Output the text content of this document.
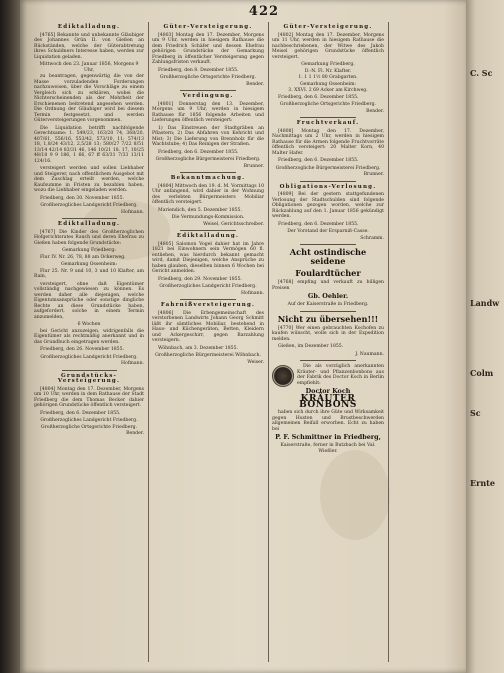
422
Ediktalladung.
[4765] Bekannte und unbekannte Gläubiger des Johannes Grün II. von Gießen an Rückständen, welche der Güterabtretung ihres Schuldners Interesse haben, werden zur Liquidation geladen.
Mittwoch den 23. Januar 1856, Morgens 9 Uhr,
zu beantragen, gegenwärtig die von der Masse vorzuladenden Forderungen nachzuweisen, über die Vorschläge zu einem Vergleich sich zu erklären, wobei die Nichterscheinenden als der Mehrheit der Erschienenen beitretend angesehen werden. Die Ordnung der Gläubiger wird bei diesem Termin festgesetzt, und werden Güterversteigerungen vorgenommen.
Die Liquidation betrifft nachfolgende Gerechtsame: 1. 549/23, 163/20 74, 368/20, 407/61, 556/16, 553/42, 573/10, 11; 574/13 18, 1,8/24 43/12, 2,5/28 13; 580/27 7/22 8/51 13/14 42/14 83/31 46, 146 10/21 18. 17, 10/25 48/18 9 9 186, 1 66, 67 ff 63/31 7/33 13/11 124/16.
versteigert werden und sollen Liebhaber und Steigerer, nach offentlichem Ausgebot mit dem Zuschlag erteilt werden, welche Kaufsumme in Fristen zu bezahlen haben, wozu die Liebhaber eingeladen werden.
Friedberg, den 30. November 1855.
Großherzogliches Landgericht Friedberg.
Hofmann.
Ediktalladung.
[4767] Die Kinder des Großherzoglichen Hofgerichtsrates Rauch und deren Ehefrau zu Gießen haben folgende Grundstücke:
Gemarkung Friedberg:
Flur IV. Nr. 26, 78, 88 am Ockerweg.
Gemarkung Ossenheim:
Flur 25. Nr. 9 und 10, 3 und 10 Klafter, am Rain,
versteigert, ohne daß Eigentümer vollständig nachgewiesen zu können. Es werden daher alle diejenigen, welche Eigentumsansprüche oder sonstige dingliche Rechte an diese Grundstücke haben, aufgefordert, solche in einem Termin anzumelden,
6 Wochen
bei Gericht anzuzeigen, widrigenfalls die Eigentümer als rechtmäßig anerkannt und in das Grundbuch eingetragen werden.
Friedberg, den 26. November 1855.
Großherzogliches Landgericht Friedberg.
Hofmann.
Grundstücks-Versteigerung.
[4804] Montag den 17. Dezember, Morgens um 10 Uhr, werden in dem Rathause der Stadt Friedberg die dem Thomas Becker dahier gehörigen Grundstücke öffentlich versteigert.
Friedberg, den 6. Dezember 1855.
Großherzogliches Landgericht Friedberg.
Großherzogliche Ortsgerichte Friedberg.
Bender.
Güter-Versteigerung.
[4803] Montag den 17. Dezember, Morgens um 9 Uhr, werden in hiesigem Rathause die dem Friedrich Schäfer und dessen Ehefrau gehörigen Grundstücke der Gemarkung Friedberg in öffentlicher Versteigerung gegen Zahlungsfristen verkauft.
Friedberg, den 8. Dezember 1855.
Großherzogliche Ortsgerichte Friedberg.
Bender.
Verdingung.
[4801] Donnerstag den 13. Dezember, Morgens um 9 Uhr, werden in hiesigem Rathause für 1856 folgende Arbeiten und Lieferungen öffentlich versteigert:
1) Das Einstreuen der Stadtgräben an Pflastern; 2) Das Abfahren von Kehricht und Mist; 3) Die Lieferung von Brennholz für die Wachtstube; 4) Das Reinigen der Straßen.
Friedberg, den 6. Dezember 1855.
Großherzogliche Bürgermeisterei Friedberg.
Brunner.
Bekanntmachung.
[4804] Mittwoch den 19. d. M. Vormittags 10 Uhr anfangend, wird dahier in der Wohnung des verlebten Bürgermeisters Mobiliar öffentlich versteigert.
Mariendich, den 5. Dezember 1855.
Die Vermundungs-Kommission.
Weisel, Gerichtsschreiber.
Ediktalladung.
[4805] Salomon Vogel dahier hat im Jahre 1821 bei Einwohnern sein Vermögen 60 fl. entliehen, was hierdurch bekannt gemacht wird, damit Diejenigen, welche Ansprüche zu haben glauben, dieselben binnen 6 Wochen bei Gericht anmelden.
Friedberg, den 29. November 1855.
Großherzogliches Landgericht Friedberg.
Hofmann.
Fahrnißversteigerung.
[4806] Die Erbengemeinschaft des verstorbenen Landwirts Johann Georg Schmitt läßt ihr sämtliches Mobiliar, bestehend in Haus- und Küchengeräten, Betten, Kleidern und Ackergeschirr, gegen Barzahlung versteigern.
Wöhnbach, am 3. Dezember 1855.
Großherzogliche Bürgermeisterei Wöhnbach.
Weiser.
Güter-Versteigerung.
[4802] Montag den 17. Dezember, Morgens um 11 Uhr, werden in hiesigem Rathause die nachbeschriebenen, der Witwe des Jakob Meisel gehörigen Grundstücke öffentlich versteigert.
Gemarkung Friedberg.
D.-N. Fl. Nr. Klafter.
1. 1 1 1½ 80 Grabgarten.
Gemarkung Ossenheim:
3. XXVI. 2 69 Acker am Kirchweg.
Friedberg, den 6. Dezember 1855.
Großherzogliche Ortsgerichte Friedberg.
Bender.
Fruchtverkauf.
[4808] Montag den 17. Dezember, Nachmittags um 2 Uhr, werden in hiesigem Rathause für die Armen folgende Fruchtvorräte öffentlich versteigert: 20 Malter Korn, 40 Malter Hafer.
Friedberg, den 6. Dezember 1855.
Großherzogliche Bürgermeisterei Friedberg.
Brunner.
Obligations-Verlosung.
[4809] Bei der gestern stattgefundenen Verlosung der Stadtschulden sind folgende Obligationen gezogen worden, welche zur Rückzahlung auf den 1. Januar 1856 gekündigt werden.
Friedberg, den 6. Dezember 1855.
Der Vorstand der Ersparniß-Casse.
Schramm.
Acht ostindische seidene
Foulardtücher
[4768] empfing und verkauft zu billigen Preisen
Gb. Oehler.
Auf der Kaiserstraße in Friedberg.
Nicht zu übersehen!!!
[4770] Wer einen gebrauchten Kochofen zu kaufen wünscht, wolle sich in der Expedition melden.
Gießen, im Dezember 1855.
J. Naumann.
Die als vorzüglich anerkannten Kräuter- und Pflanzenbonbons aus der Fabrik des Doctor Koch in Berlin empfiehlt:
Doctor Koch
KRÄUTER BONBONS
haben sich durch ihre Güte und Wirksamkeit gegen Husten und Brustbeschwerden allgemeinen Beifall erworben. Echt zu haben bei
P. F. Schmittner in Friedberg,
Kaiserstraße, ferner in Butzbach bei Val. Wießler.
C. Sc
Landw
Colm
Sc
Ernte
